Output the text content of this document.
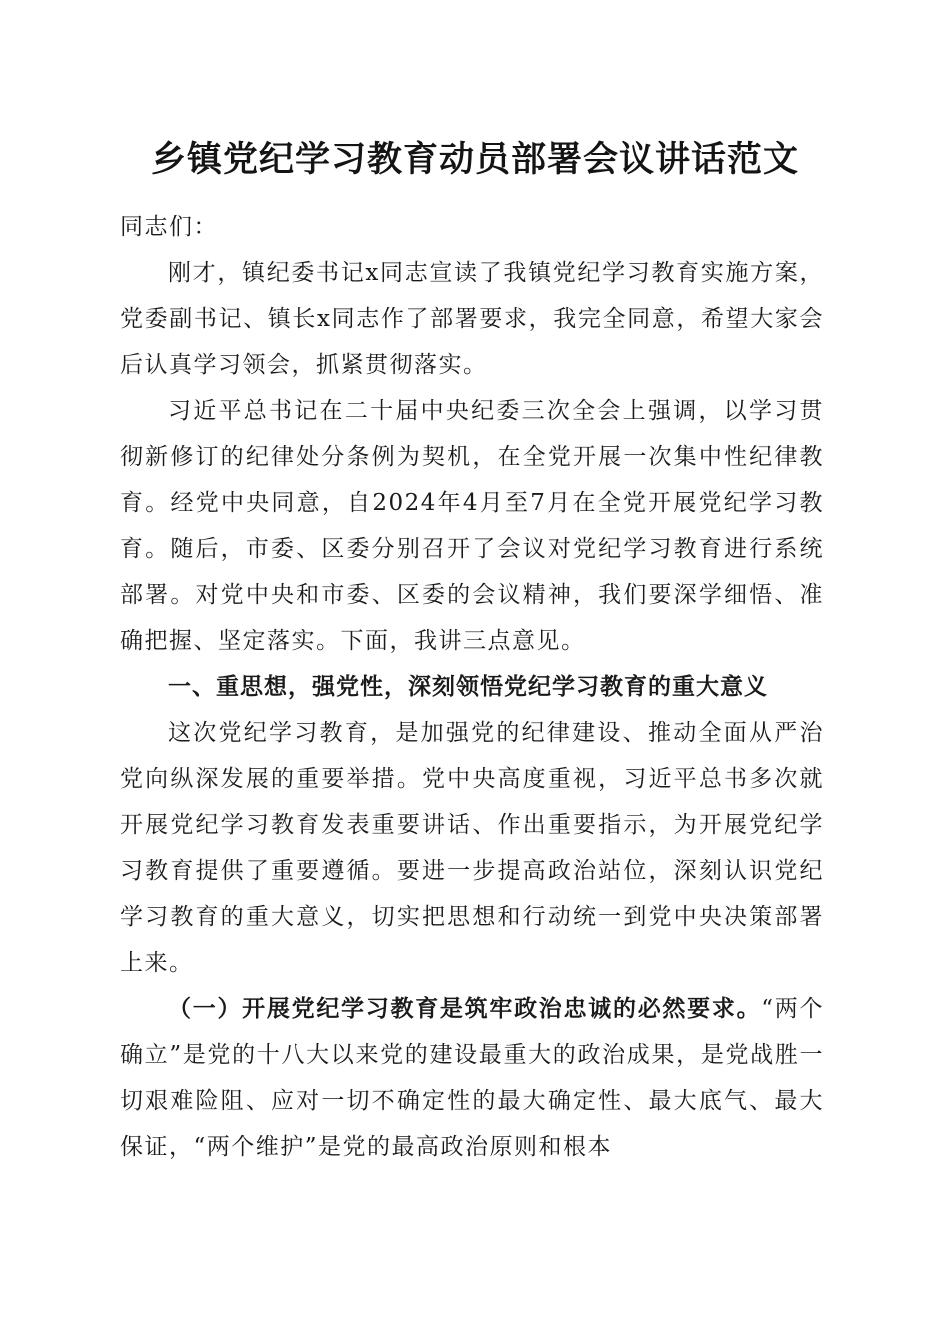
乡镇党纪学习教育动员部署会议讲话范文

同志们：

刚才，镇纪委书记x同志宣读了我镇党纪学习教育实施方案，党委副书记、镇长x同志作了部署要求，我完全同意，希望大家会后认真学习领会，抓紧贯彻落实。

习近平总书记在二十届中央纪委三次全会上强调，以学习贯彻新修订的纪律处分条例为契机，在全党开展一次集中性纪律教育。经党中央同意，自2024年4月至7月在全党开展党纪学习教育。随后，市委、区委分别召开了会议对党纪学习教育进行系统部署。对党中央和市委、区委的会议精神，我们要深学细悟、准确把握、坚定落实。下面，我讲三点意见。

一、重思想，强党性，深刻领悟党纪学习教育的重大意义

这次党纪学习教育，是加强党的纪律建设、推动全面从严治党向纵深发展的重要举措。党中央高度重视，习近平总书多次就开展党纪学习教育发表重要讲话、作出重要指示，为开展党纪学习教育提供了重要遵循。要进一步提高政治站位，深刻认识党纪学习教育的重大意义，切实把思想和行动统一到党中央决策部署上来。

（一）开展党纪学习教育是筑牢政治忠诚的必然要求。“两个确立”是党的十八大以来党的建设最重大的政治成果，是党战胜一切艰难险阻、应对一切不确定性的最大确定性、最大底气、最大保证，“两个维护”是党的最高政治原则和根本
